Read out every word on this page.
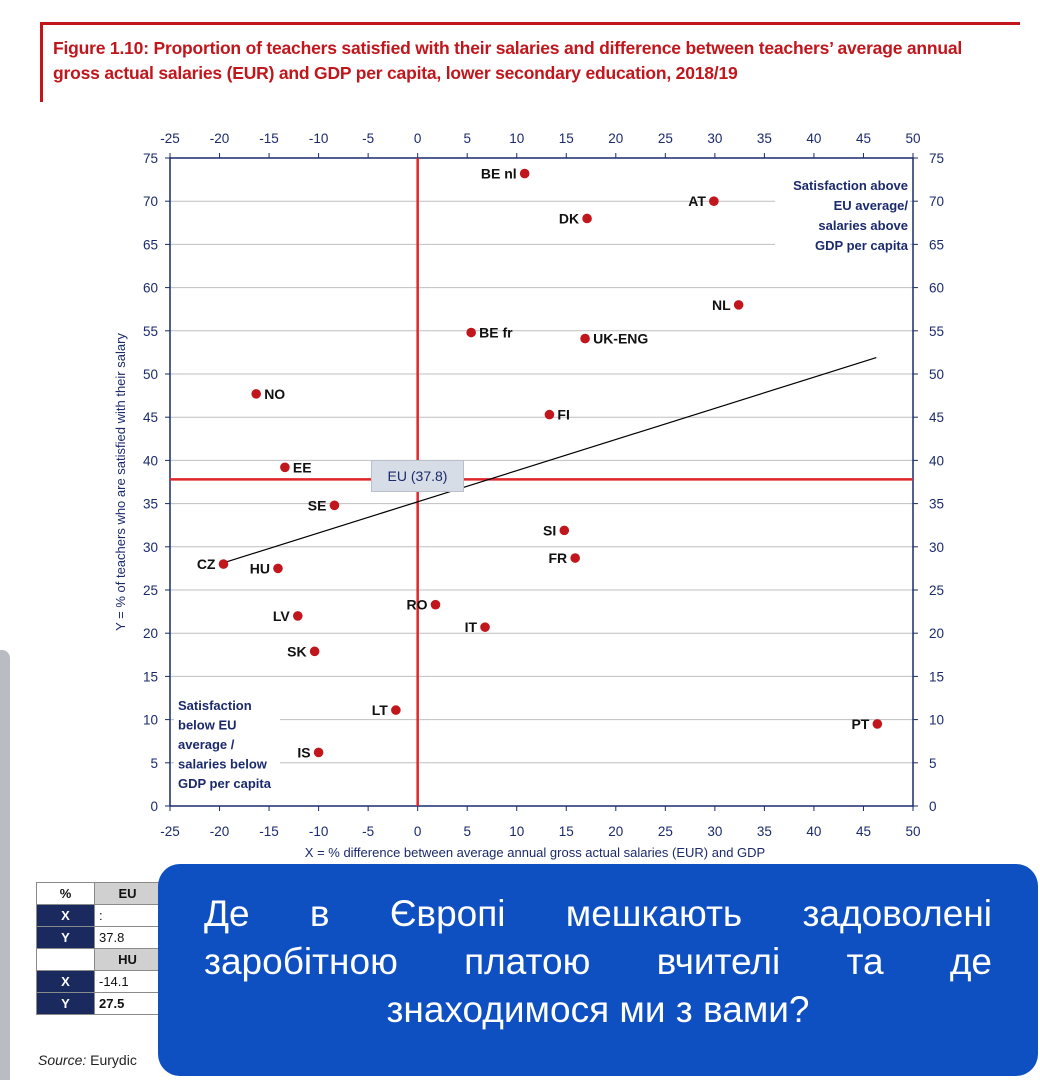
Figure 1.10: Proportion of teachers satisfied with their salaries and difference between teachers’ average annual gross actual salaries (EUR) and GDP per capita, lower secondary education, 2018/19
0	0
5	5
10	10
15	15
20	20
25	25
30	30
35	35
40	40
45	45
50	50
55	55
60	60
65	65
70	70
75	75
-25
-25
-20
-20
-15
-15
-10
-10
-5
-5
0
0
5
5
10
10
15
15
20
20
25
25
30
30
35
35
40
40
45
45
50
50
Satisfaction above
EU average/
salaries above
GDP per capita
Satisfaction
below EU
average /
salaries below
GDP per capita
BE nl
AT
DK
NL
BE fr	UK-ENG
NO
FI
EE
SE
SI
CZ	FR
HU
RO
LV
IT
SK
LT
IS
PT
X = % difference between average annual gross actual salaries (EUR) and GDP
Y = % of teachers who are satisfied with their salary	EU (37.8)
%	EU
X	:
Y	37.8
	HU
X	-14.1
Y	27.5
Source: Eurydic
Де в Європі мешкають задоволені заробітною платою вчителі та де знаходимося ми з вами?
